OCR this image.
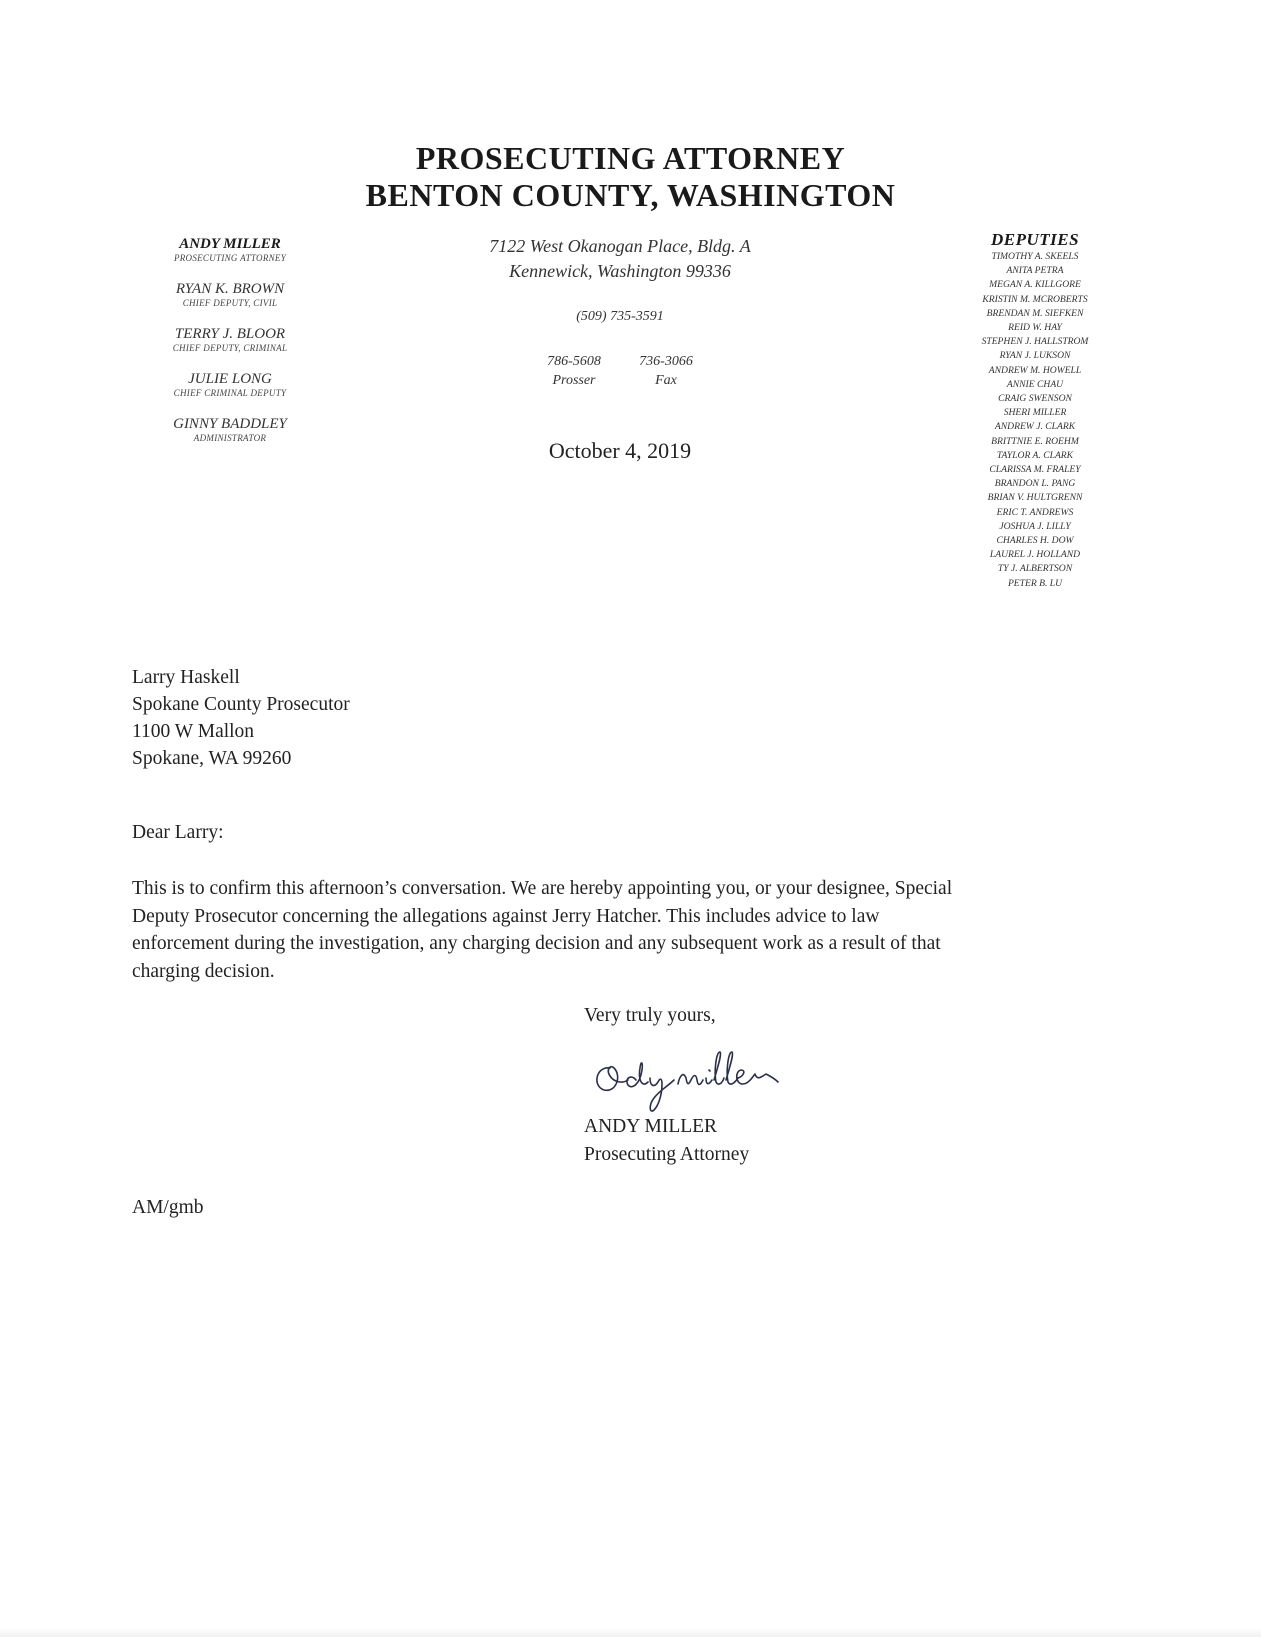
PROSECUTING ATTORNEY
BENTON COUNTY, WASHINGTON
ANDY MILLER
PROSECUTING ATTORNEY
RYAN K. BROWN
CHIEF DEPUTY, CIVIL
TERRY J. BLOOR
CHIEF DEPUTY, CRIMINAL
JULIE LONG
CHIEF CRIMINAL DEPUTY
GINNY BADDLEY
ADMINISTRATOR
7122 West Okanogan Place, Bldg. A
Kennewick, Washington 99336
(509) 735-3591
786-5608
Prosser
736-3066
Fax
October 4, 2019
DEPUTIES
TIMOTHY A. SKEELS
ANITA PETRA
MEGAN A. KILLGORE
KRISTIN M. MCROBERTS
BRENDAN M. SIEFKEN
REID W. HAY
STEPHEN J. HALLSTROM
RYAN J. LUKSON
ANDREW M. HOWELL
ANNIE CHAU
CRAIG SWENSON
SHERI MILLER
ANDREW J. CLARK
BRITTNIE E. ROEHM
TAYLOR A. CLARK
CLARISSA M. FRALEY
BRANDON L. PANG
BRIAN V. HULTGRENN
ERIC T. ANDREWS
JOSHUA J. LILLY
CHARLES H. DOW
LAUREL J. HOLLAND
TY J. ALBERTSON
PETER B. LU
Larry Haskell
Spokane County Prosecutor
1100 W Mallon
Spokane, WA 99260
Dear Larry:
This is to confirm this afternoon’s conversation. We are hereby appointing you, or your designee, Special
Deputy Prosecutor concerning the allegations against Jerry Hatcher. This includes advice to law
enforcement during the investigation, any charging decision and any subsequent work as a result of that
charging decision.
Very truly yours,
ANDY MILLER
Prosecuting Attorney
AM/gmb
